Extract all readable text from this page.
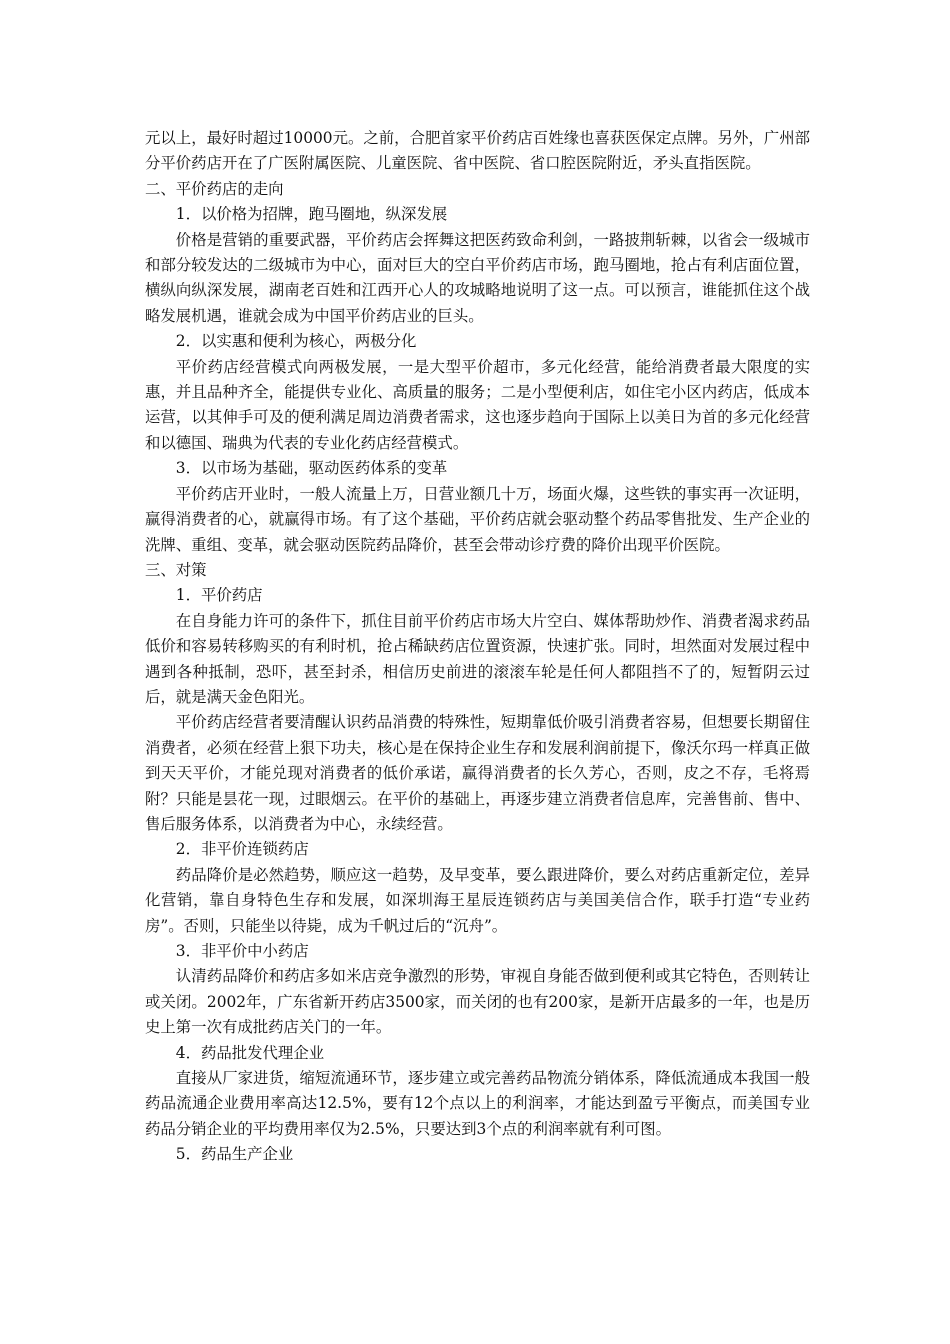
元以上，最好时超过10000元。之前，合肥首家平价药店百姓缘也喜获医保定点牌。另外，广州部分平价药店开在了广医附属医院、儿童医院、省中医院、省口腔医院附近，矛头直指医院。

二、平价药店的走向

1．以价格为招牌，跑马圈地，纵深发展

价格是营销的重要武器，平价药店会挥舞这把医药致命利剑，一路披荆斩棘，以省会一级城市和部分较发达的二级城市为中心，面对巨大的空白平价药店市场，跑马圈地，抢占有利店面位置，横纵向纵深发展，湖南老百姓和江西开心人的攻城略地说明了这一点。可以预言，谁能抓住这个战略发展机遇，谁就会成为中国平价药店业的巨头。

2．以实惠和便利为核心，两极分化

平价药店经营模式向两极发展，一是大型平价超市，多元化经营，能给消费者最大限度的实惠，并且品种齐全，能提供专业化、高质量的服务；二是小型便利店，如住宅小区内药店，低成本运营，以其伸手可及的便利满足周边消费者需求，这也逐步趋向于国际上以美日为首的多元化经营和以德国、瑞典为代表的专业化药店经营模式。

3．以市场为基础，驱动医药体系的变革

平价药店开业时，一般人流量上万，日营业额几十万，场面火爆，这些铁的事实再一次证明，赢得消费者的心，就赢得市场。有了这个基础，平价药店就会驱动整个药品零售批发、生产企业的洗牌、重组、变革，就会驱动医院药品降价，甚至会带动诊疗费的降价出现平价医院。

三、对策

1．平价药店

在自身能力许可的条件下，抓住目前平价药店市场大片空白、媒体帮助炒作、消费者渴求药品低价和容易转移购买的有利时机，抢占稀缺药店位置资源，快速扩张。同时，坦然面对发展过程中遇到各种抵制，恐吓，甚至封杀，相信历史前进的滚滚车轮是任何人都阻挡不了的，短暂阴云过后，就是满天金色阳光。

平价药店经营者要清醒认识药品消费的特殊性，短期靠低价吸引消费者容易，但想要长期留住消费者，必须在经营上狠下功夫，核心是在保持企业生存和发展利润前提下，像沃尔玛一样真正做到天天平价，才能兑现对消费者的低价承诺，赢得消费者的长久芳心，否则，皮之不存，毛将焉附？只能是昙花一现，过眼烟云。在平价的基础上，再逐步建立消费者信息库，完善售前、售中、售后服务体系，以消费者为中心，永续经营。

2．非平价连锁药店

药品降价是必然趋势，顺应这一趋势，及早变革，要么跟进降价，要么对药店重新定位，差异化营销，靠自身特色生存和发展，如深圳海王星辰连锁药店与美国美信合作，联手打造“专业药房”。否则，只能坐以待毙，成为千帆过后的“沉舟”。

3．非平价中小药店

认清药品降价和药店多如米店竞争激烈的形势，审视自身能否做到便利或其它特色，否则转让或关闭。2002年，广东省新开药店3500家，而关闭的也有200家，是新开店最多的一年，也是历史上第一次有成批药店关门的一年。

4．药品批发代理企业

直接从厂家进货，缩短流通环节，逐步建立或完善药品物流分销体系，降低流通成本我国一般药品流通企业费用率高达12.5%，要有12个点以上的利润率，才能达到盈亏平衡点，而美国专业药品分销企业的平均费用率仅为2.5%，只要达到3个点的利润率就有利可图。

5．药品生产企业
